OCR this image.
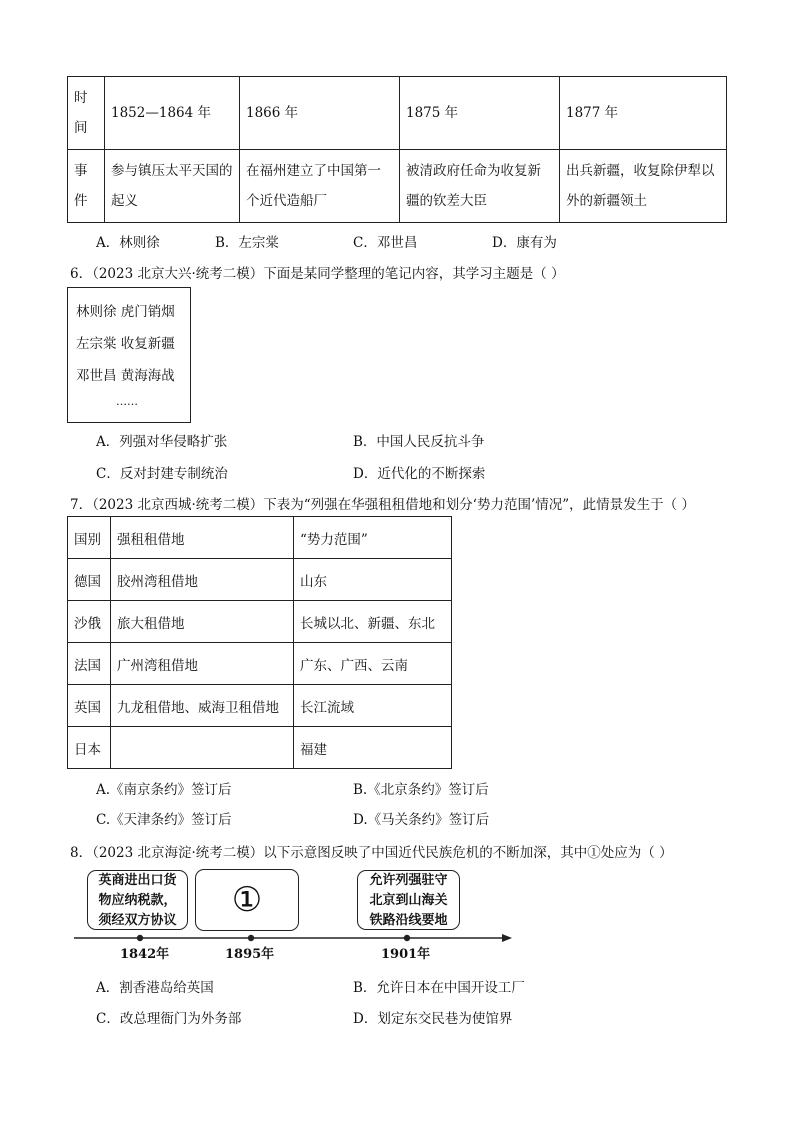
时
间	1852—1864 年	1866 年	1875 年	1877 年
事
件	参与镇压太平天国的起义	在福州建立了中国第一个近代造船厂	被清政府任命为收复新疆的钦差大臣	出兵新疆，收复除伊犁以外的新疆领土
A．林则徐	B．左宗棠	C．邓世昌	D．康有为
6．（2023 北京大兴·统考二模）下面是某同学整理的笔记内容，其学习主题是（ ）
林则徐 虎门销烟
左宗棠 收复新疆
邓世昌 黄海海战
……
A．列强对华侵略扩张	B．中国人民反抗斗争
C．反对封建专制统治	D．近代化的不断探索
7．（2023 北京西城·统考二模）下表为“列强在华强租租借地和划分‘势力范围’情况”，此情景发生于（ ）
国别	强租租借地	“势力范围”
德国	胶州湾租借地	山东
沙俄	旅大租借地	长城以北、新疆、东北
法国	广州湾租借地	广东、广西、云南
英国	九龙租借地、威海卫租借地	长江流域
日本		福建
A.《南京条约》签订后	B.《北京条约》签订后
C.《天津条约》签订后	D.《马关条约》签订后
8．（2023 北京海淀·统考二模）以下示意图反映了中国近代民族危机的不断加深，其中①处应为（ ）
英商进出口货
物应纳税款，
须经双方协议
①	允许列强驻守
北京到山海关
铁路沿线要地
1842年	1895年	1901年
A．割香港岛给英国	B．允许日本在中国开设工厂
C．改总理衙门为外务部	D．划定东交民巷为使馆界
